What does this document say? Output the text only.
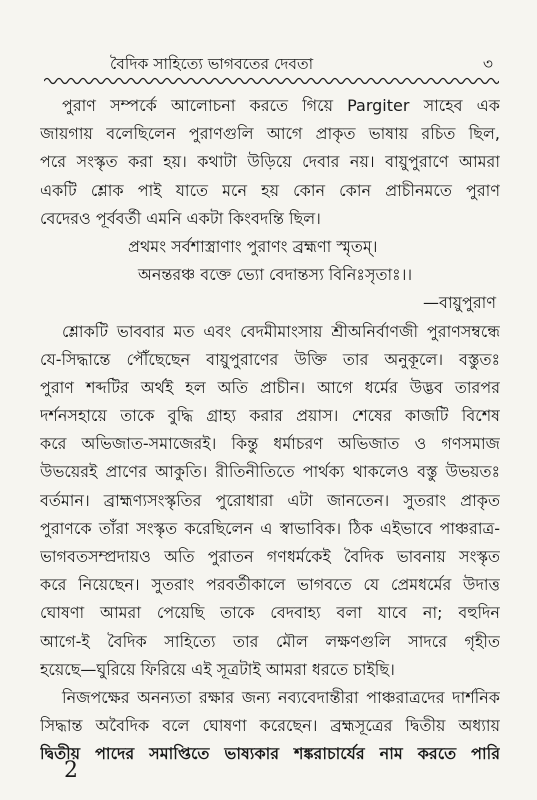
বৈদিক সাহিত্যে ভাগবতের দেবতা	৩
পুরাণ সম্পর্কে আলোচনা করতে গিয়ে Pargiter সাহেব এক
জায়গায় বলেছিলেন পুরাণগুলি আগে প্রাকৃত ভাষায় রচিত ছিল,
পরে সংস্কৃত করা হয়। কথাটা উড়িয়ে দেবার নয়। বায়ুপুরাণে আমরা
একটি শ্লোক পাই যাতে মনে হয় কোন কোন প্রাচীনমতে পুরাণ
বেদেরও পূর্ববর্তী এমনি একটা কিংবদন্তি ছিল।
প্রথমং সর্বশাস্ত্রাণাং পুরাণং ব্রহ্মণা স্মৃতম্।
অনন্তরঞ্চ বক্তে ভ্যো বেদান্তস্য বিনিঃসৃতাঃ।।
—বায়ুপুরাণ
শ্লোকটি ভাববার মত এবং বেদমীমাংসায় শ্রীঅনির্বাণজী পুরাণসম্বন্ধে
যে-সিদ্ধান্তে পৌঁছেছেন বায়ুপুরাণের উক্তি তার অনুকূলে। বস্তুতঃ
পুরাণ শব্দটির অর্থই হল অতি প্রাচীন। আগে ধর্মের উদ্ভব তারপর
দর্শনসহায়ে তাকে বুদ্ধি গ্রাহ্য করার প্রয়াস। শেষের কাজটি বিশেষ
করে অভিজাত-সমাজেরই। কিন্তু ধর্মাচরণ অভিজাত ও গণসমাজ
উভয়েরই প্রাণের আকুতি। রীতিনীতিতে পার্থক্য থাকলেও বস্তু উভয়তঃ
বর্তমান। ব্রাহ্মণ্যসংস্কৃতির পুরোধারা এটা জানতেন। সুতরাং প্রাকৃত
পুরাণকে তাঁরা সংস্কৃত করেছিলেন এ স্বাভাবিক। ঠিক এইভাবে পাঞ্চরাত্র-
ভাগবতসম্প্রদায়ও অতি পুরাতন গণধর্মকেই বৈদিক ভাবনায় সংস্কৃত
করে নিয়েছেন। সুতরাং পরবর্তীকালে ভাগবতে যে প্রেমধর্মের উদাত্ত
ঘোষণা আমরা পেয়েছি তাকে বেদবাহ্য বলা যাবে না; বহুদিন
আগে-ই বৈদিক সাহিত্যে তার মৌল লক্ষণগুলি সাদরে গৃহীত
হয়েছে—ঘুরিয়ে ফিরিয়ে এই সূত্রটাই আমরা ধরতে চাইছি।
নিজপক্ষের অনন্যতা রক্ষার জন্য নব্যবেদান্তীরা পাঞ্চরাত্রদের দার্শনিক
সিদ্ধান্ত অবৈদিক বলে ঘোষণা করেছেন। ব্রহ্মসূত্রের দ্বিতীয় অধ্যায়
দ্বিতীয় পাদের সমাপ্তিতে ভাষ্যকার শঙ্করাচার্যের নাম করতে পারি
2
